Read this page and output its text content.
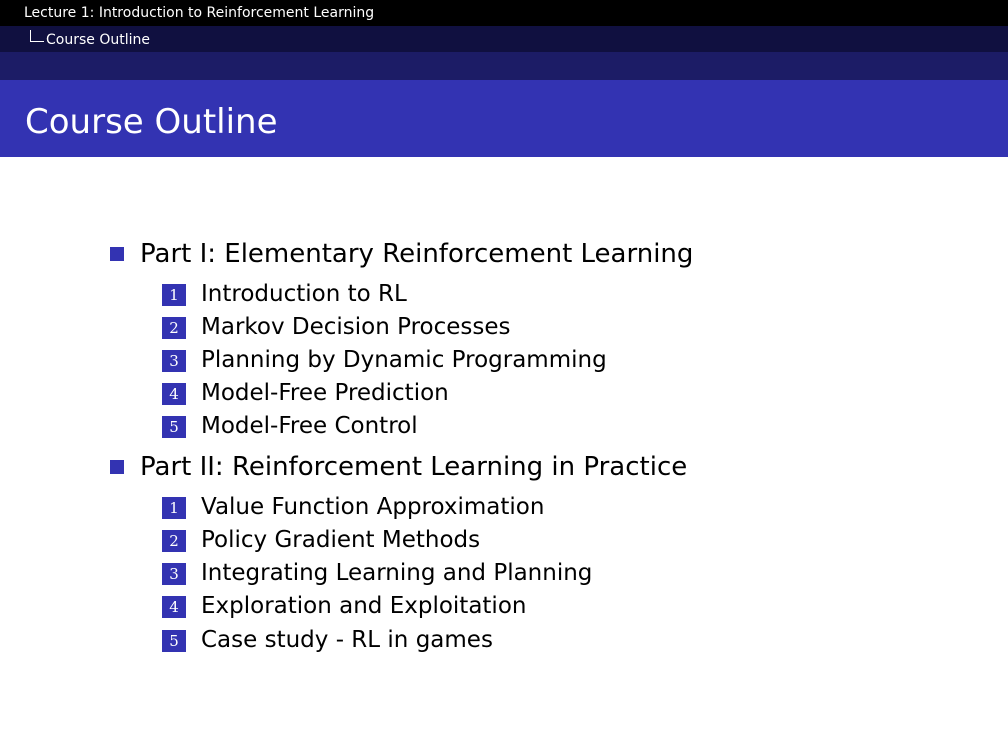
Lecture 1: Introduction to Reinforcement Learning
Course Outline
Course Outline
Part I: Elementary Reinforcement Learning
1 Introduction to RL
2 Markov Decision Processes
3 Planning by Dynamic Programming
4 Model-Free Prediction
5 Model-Free Control
Part II: Reinforcement Learning in Practice
1 Value Function Approximation
2 Policy Gradient Methods
3 Integrating Learning and Planning
4 Exploration and Exploitation
5 Case study - RL in games
